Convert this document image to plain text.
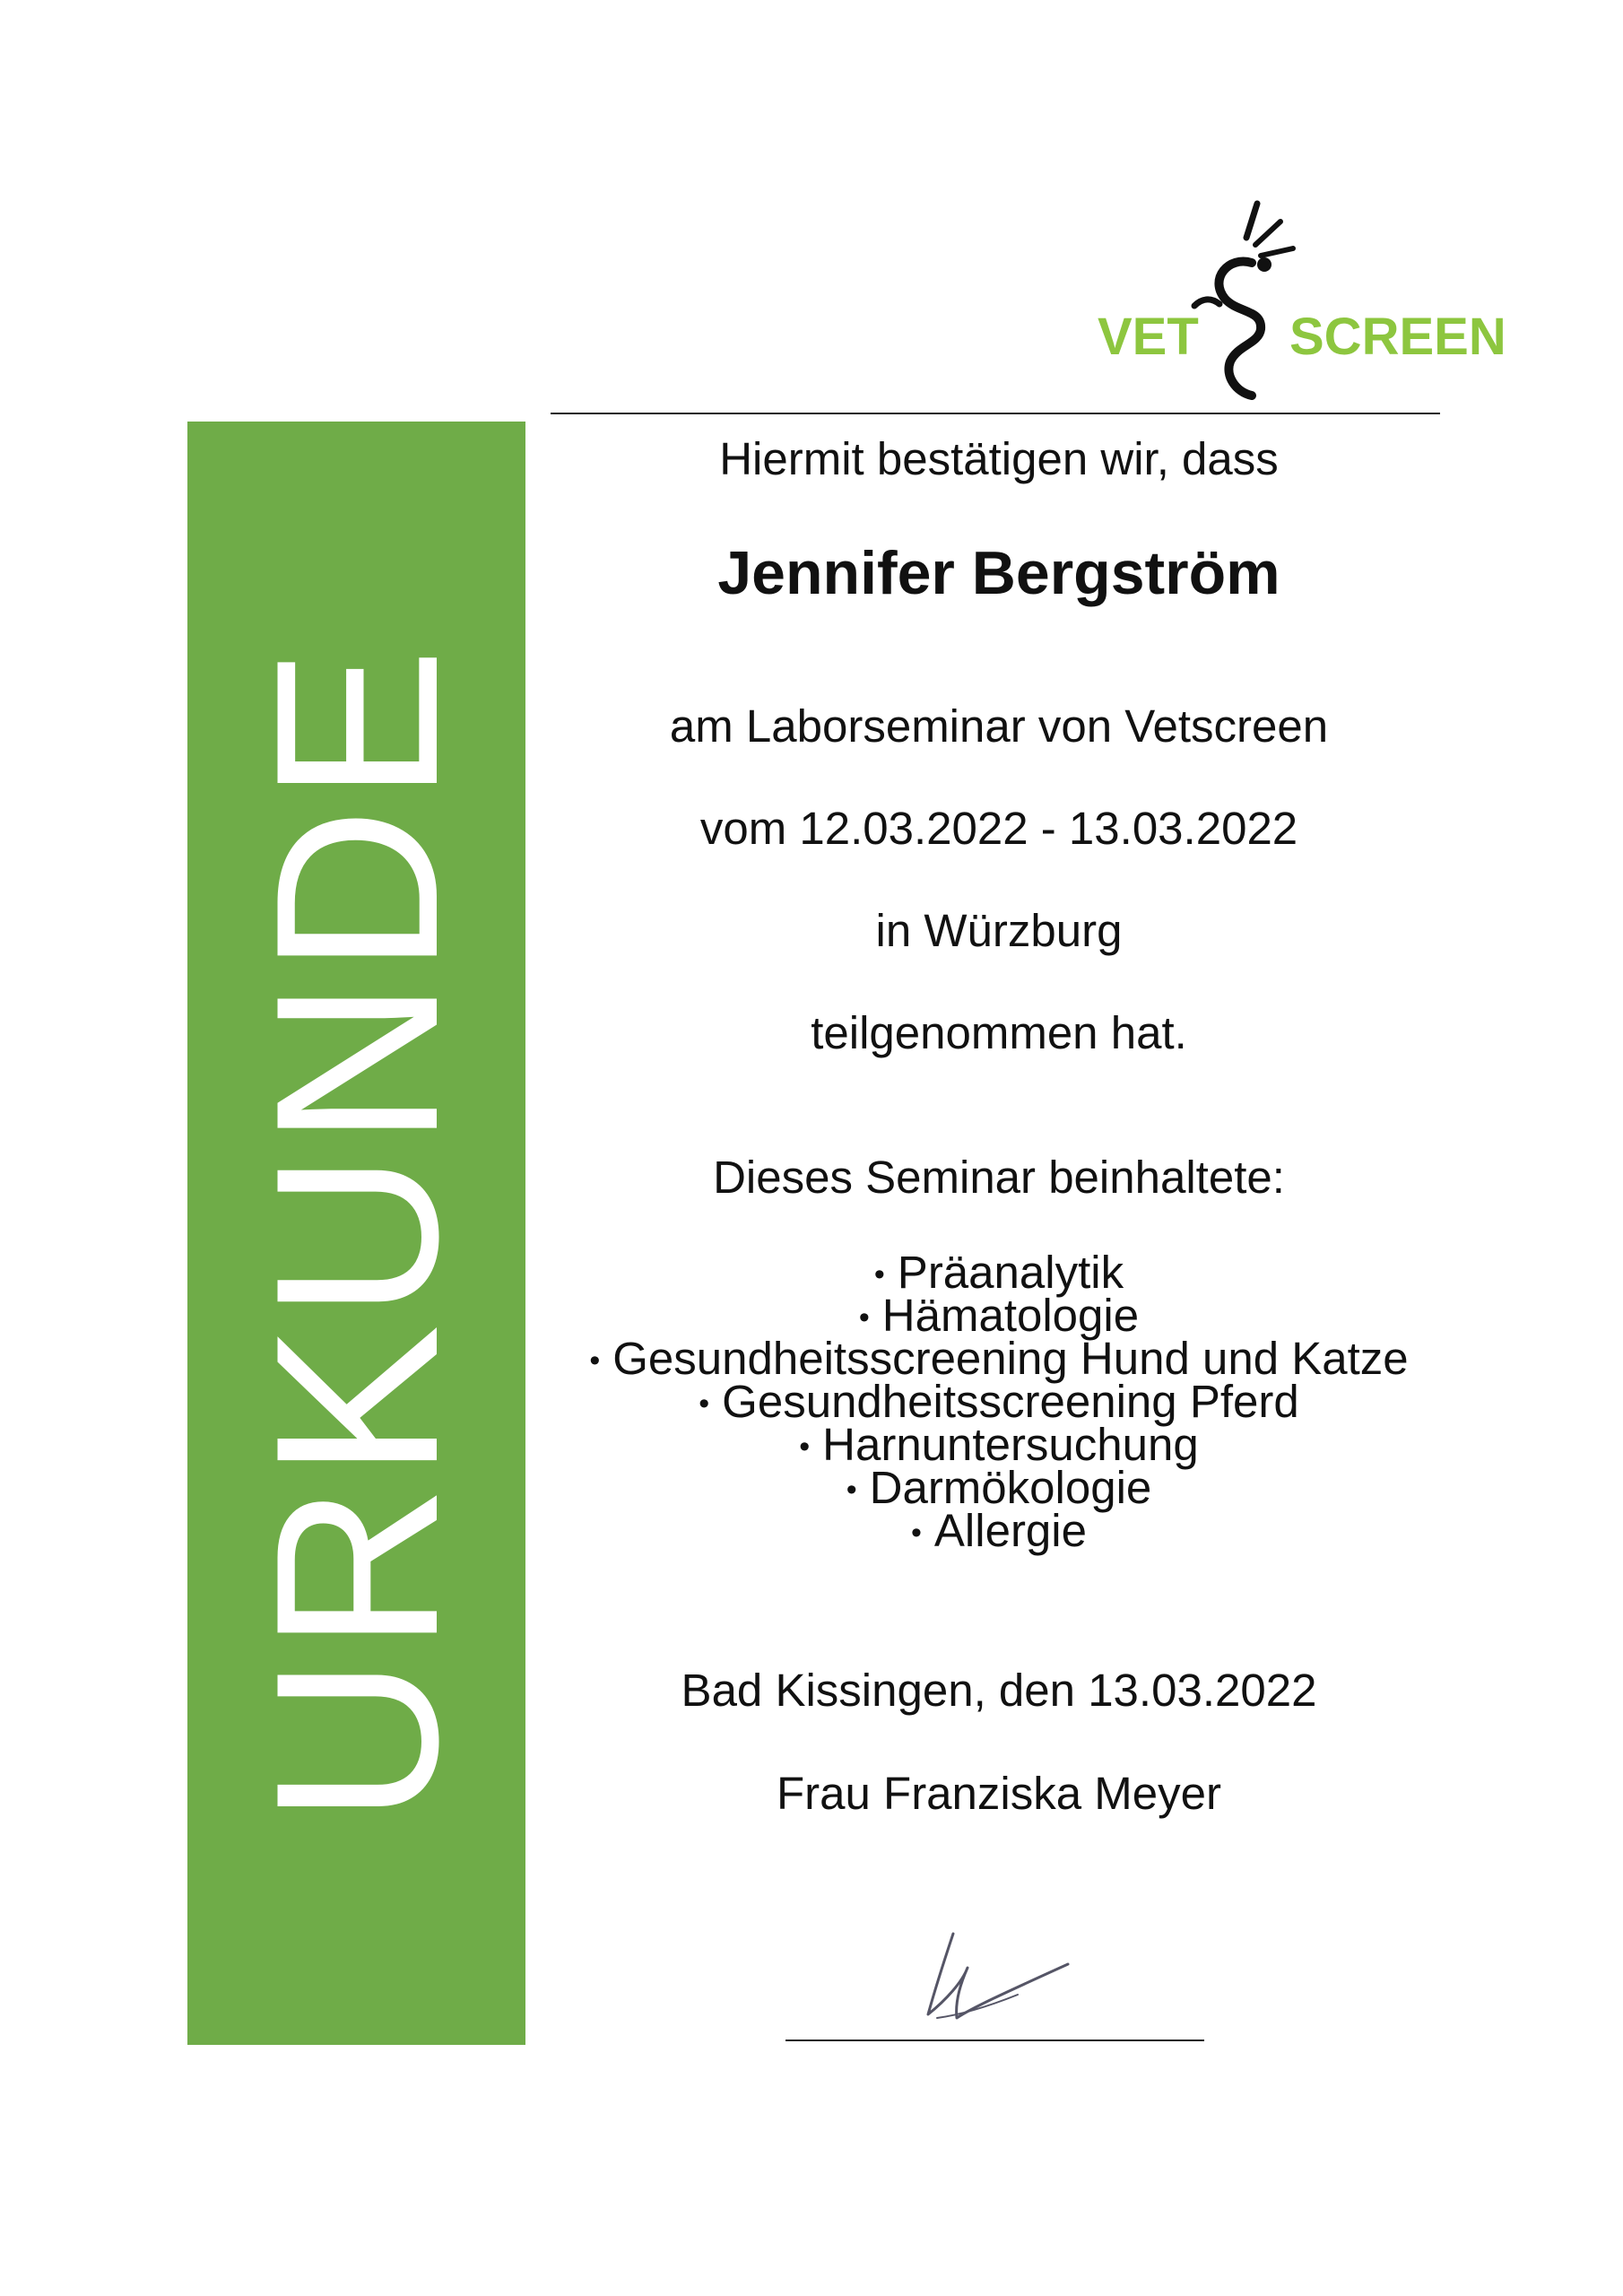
VET SCREEN
URKUNDE
Hiermit bestätigen wir, dass
Jennifer Bergström
am Laborseminar von Vetscreen
vom 12.03.2022 - 13.03.2022
in Würzburg
teilgenommen hat.
Dieses Seminar beinhaltete:
• Präanalytik
• Hämatologie
• Gesundheitsscreening Hund und Katze
• Gesundheitsscreening Pferd
• Harnuntersuchung
• Darmökologie
• Allergie
Bad Kissingen, den 13.03.2022
Frau Franziska Meyer
